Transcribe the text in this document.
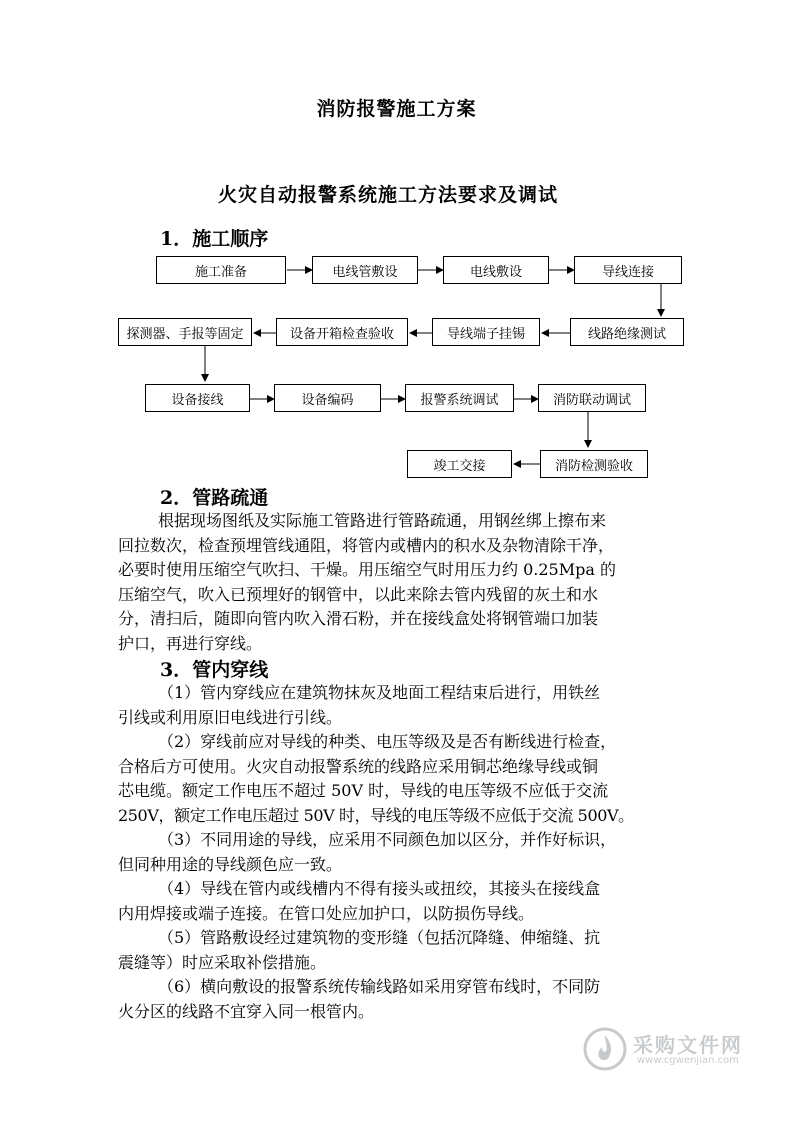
消防报警施工方案
火灾自动报警系统施工方法要求及调试
1．施工顺序
施工准备	电线管敷设	电线敷设	导线连接
线路绝缘测试
导线端子挂锡
设备开箱检查验收
探测器、手报等固定
设备接线	设备编码	报警系统调试	消防联动调试
消防检测验收
竣工交接
2．管路疏通

根据现场图纸及实际施工管路进行管路疏通，用钢丝绑上擦布来
回拉数次，检查预埋管线通阻，将管内或槽内的积水及杂物清除干净，
必要时使用压缩空气吹扫、干燥。用压缩空气时用压力约 0.25Mpa 的
压缩空气，吹入已预埋好的钢管中，以此来除去管内残留的灰土和水
分，清扫后，随即向管内吹入滑石粉，并在接线盒处将钢管端口加装
护口，再进行穿线。

3．管内穿线

（1）管内穿线应在建筑物抹灰及地面工程结束后进行，用铁丝
引线或利用原旧电线进行引线。
（2）穿线前应对导线的种类、电压等级及是否有断线进行检查，
合格后方可使用。火灾自动报警系统的线路应采用铜芯绝缘导线或铜
芯电缆。额定工作电压不超过 50V 时，导线的电压等级不应低于交流
250V，额定工作电压超过 50V 时，导线的电压等级不应低于交流 500V。
（3）不同用途的导线，应采用不同颜色加以区分，并作好标识，
但同种用途的导线颜色应一致。
（4）导线在管内或线槽内不得有接头或扭绞，其接头在接线盒
内用焊接或端子连接。在管口处应加护口，以防损伤导线。
（5）管路敷设经过建筑物的变形缝（包括沉降缝、伸缩缝、抗
震缝等）时应采取补偿措施。
（6）横向敷设的报警系统传输线路如采用穿管布线时，不同防
火分区的线路不宜穿入同一根管内。

采购文件网
www.cgwenjian.com
